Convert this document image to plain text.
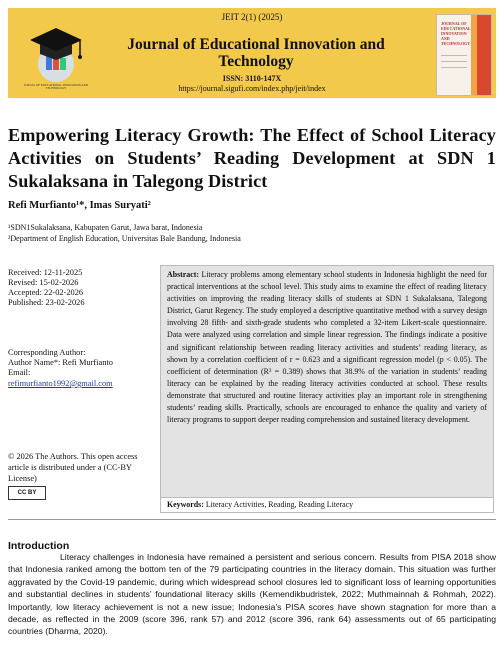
JURNAL OF EDUCATIONAL INNOVATION AND TECHNOLOGY
JEIT 2(1) (2025)
Journal of Educational Innovation and Technology
ISSN: 3110-147X
https://journal.sigufi.com/index.php/jeit/index
JOURNAL OF EDUCATIONAL INNOVATION AND TECHNOLOGY
Empowering Literacy Growth: The Effect of School Literacy Activities on Students’ Reading Development at SDN 1 Sukalaksana in Talegong District
Refi Murfianto¹*, Imas Suryati²
¹SDN1Sukalaksana, Kabupaten Garut, Jawa barat, Indonesia
²Department of English Education, Universitas Bale Bandung, Indonesia
Received: 12-11-2025
Revised: 15-02-2026
Accepted: 22-02-2026
Published: 23-02-2026
Corresponding Author:
Author Name*: Refi Murfianto
Email:
refimurfianto1992@gmail.com
© 2026 The Authors. This open access article is distributed under a (CC-BY License)
CC BY
Abstract: Literacy problems among elementary school students in Indonesia highlight the need for practical interventions at the school level. This study aims to examine the effect of reading literacy activities on improving the reading literacy skills of students at SDN 1 Sukalaksana, Talegong District, Garut Regency. The study employed a descriptive quantitative method with a survey design involving 28 fifth- and sixth-grade students who completed a 32-item Likert-scale questionnaire. Data were analyzed using correlation and simple linear regression. The findings indicate a positive and significant relationship between reading literacy activities and students’ reading literacy, as shown by a correlation coefficient of r = 0.623 and a significant regression model (p < 0.05). The coefficient of determination (R² = 0.389) shows that 38.9% of the variation in students’ reading literacy can be explained by the reading literacy activities conducted at school. These results demonstrate that structured and routine literacy activities play an important role in strengthening students’ reading skills. Practically, schools are encouraged to enhance the quality and variety of literacy programs to support deeper reading comprehension and sustained literacy development.
Keywords: Literacy Activities, Reading, Reading Literacy
Introduction
Literacy challenges in Indonesia have remained a persistent and serious concern. Results from PISA 2018 show that Indonesia ranked among the bottom ten of the 79 participating countries in the literacy domain. This situation was further aggravated by the Covid-19 pandemic, during which widespread school closures led to significant loss of learning opportunities and substantial declines in students’ foundational literacy skills (Kemendikbudristek, 2022; Muthmainnah & Rohmah, 2022). Importantly, low literacy achievement is not a new issue; Indonesia’s PISA scores have shown stagnation for more than a decade, as reflected in the 2009 (score 396, rank 57) and 2012 (score 396, rank 64) assessments out of 65 participating countries (Dharma, 2020).
